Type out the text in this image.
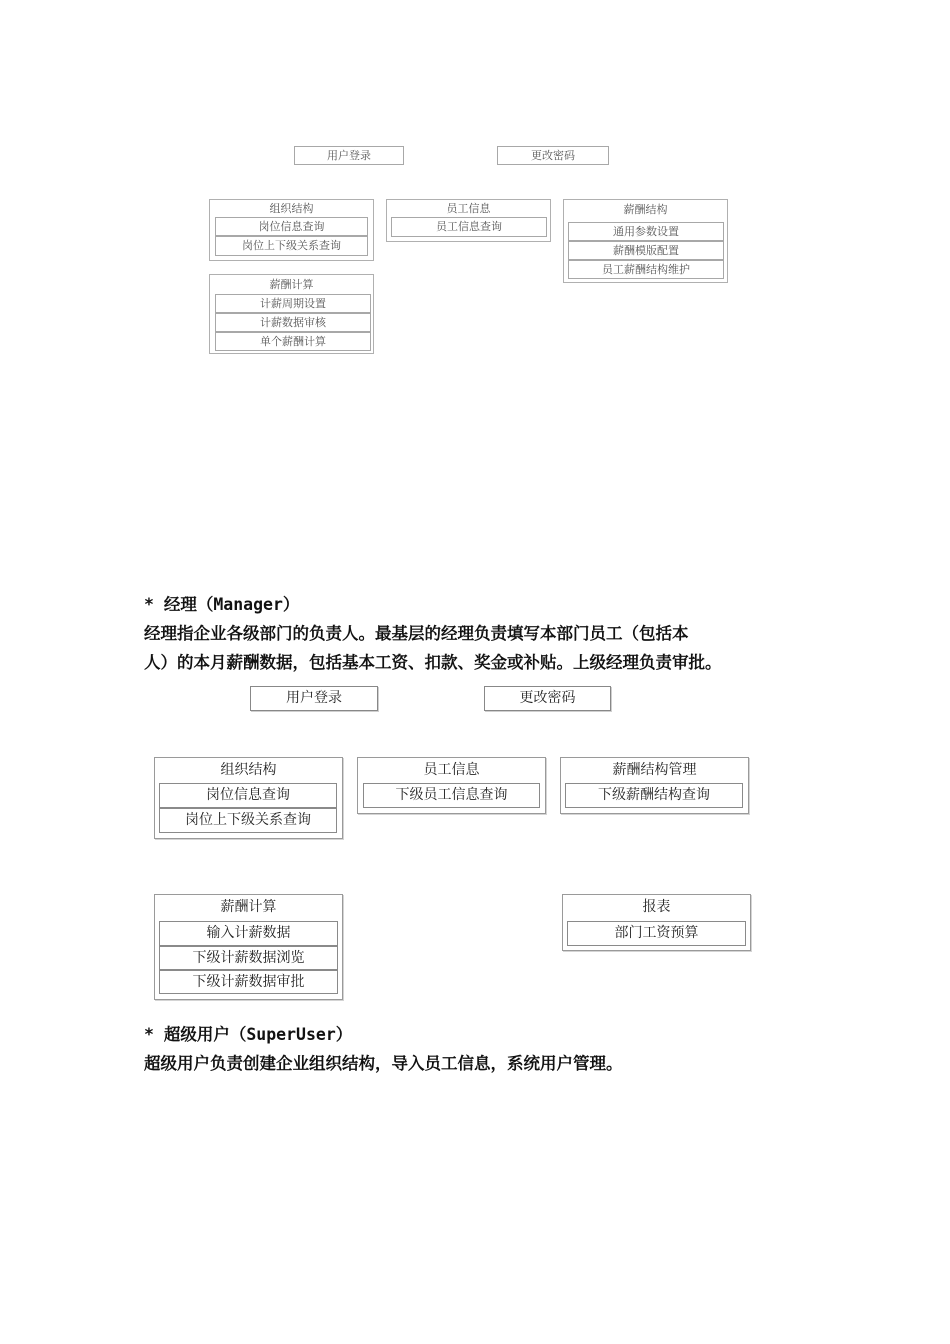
用户登录	更改密码
组织结构
岗位信息查询
岗位上下级关系查询
员工信息
员工信息查询
薪酬结构
通用参数设置
薪酬模版配置
员工薪酬结构维护
薪酬计算
计薪周期设置
计薪数据审核
单个薪酬计算
* 经理（Manager）
经理指企业各级部门的负责人。最基层的经理负责填写本部门员工（包括本
人）的本月薪酬数据，包括基本工资、扣款、奖金或补贴。上级经理负责审批。
用户登录	更改密码
组织结构
岗位信息查询
岗位上下级关系查询
员工信息
下级员工信息查询
薪酬结构管理
下级薪酬结构查询
薪酬计算
输入计薪数据
下级计薪数据浏览
下级计薪数据审批
报表
部门工资预算
* 超级用户（SuperUser）
超级用户负责创建企业组织结构，导入员工信息，系统用户管理。
